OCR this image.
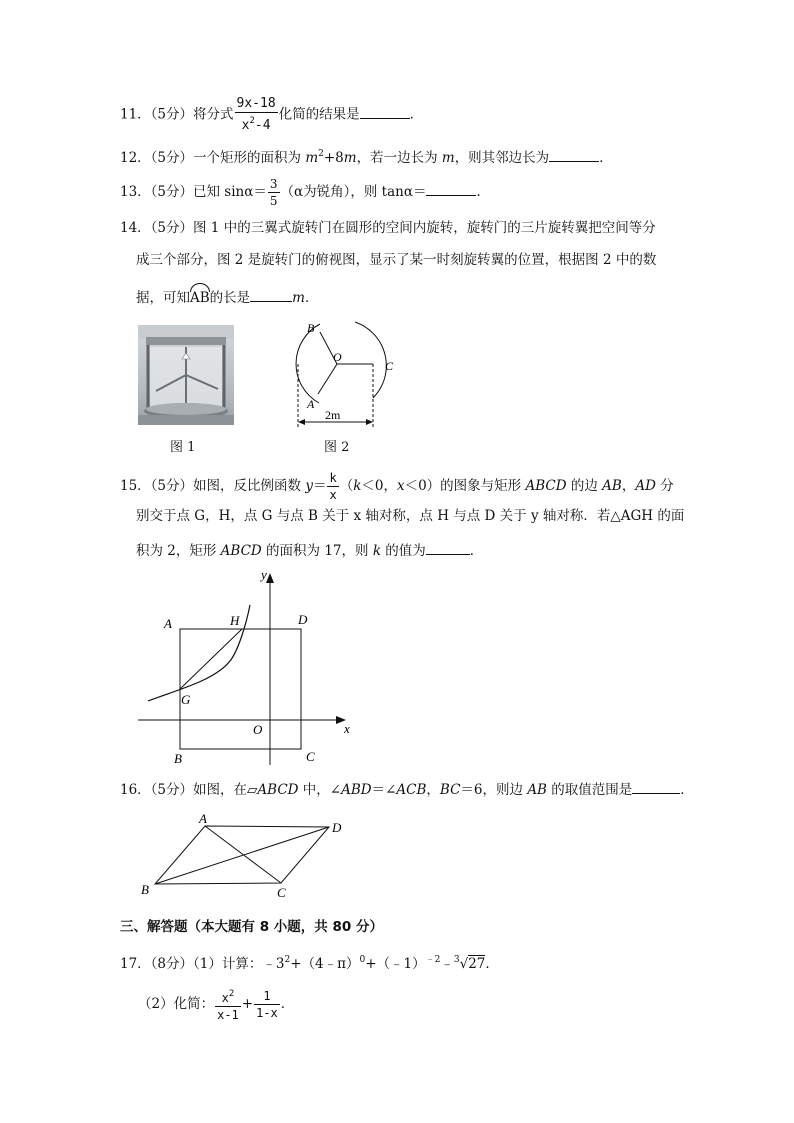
11．（5分）将分式 $\frac{9x-18}{x^2-4}$ 化简的结果是	．
12．（5分）一个矩形的面积为 $m^2+8m$，若一边长为 m，则其邻边长为	．
13．（5分）已知 $\sin\alpha= \frac{3}{5} (\alpha$为锐角），则 tanα＝	．
14．（5分）图 1 中的三翼式旋转门在圆形的空间内旋转，旋转门的三片旋转翼把空间等分
成三个部分，图 2 是旋转门的俯视图，显示了某一时刻旋转翼的位置，根据图 2 中的数
据，可知AB的长是	m．
图 1
B
O
C
A
2m
图 2
15．（5分）如图，反比例函数 $y= \frac{k}{x} (k<0$，x＜0）的图象与矩形 ABCD 的边 AB，AD 分
别交于点 G，H，点 G 与点 B 关于 x 轴对称，点 H 与点 D 关于 y 轴对称．若△AGH 的面
积为 2，矩形 ABCD 的面积为 17，则 k 的值为	．
y
x
A	H	D
G
O
B	C
16．（5分）如图，在▱ABCD 中，∠ABD＝∠ACB，BC＝6，则边 AB 的取值范围是	．
A
D
B	C
三、解答题（本大题有 8 小题，共 80 分）
17．（8分）（1）计算：$﹣3^2+(4﹣\pi)^0+(﹣1)^{﹣2}﹣^3√27$．
（2）化简： $\frac{x^2}{x-1} + \frac{1}{1-x}$ ．
